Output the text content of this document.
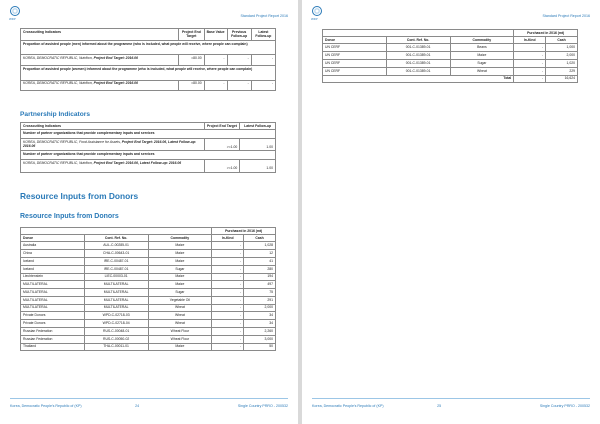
WFP
Standard Project Report 2016
Crosscutting Indicators	Project End Target	Base Value	Previous Follow-up	Latest Follow-up
Proportion of assisted people (men) informed about the programme (who is included, what people will receive, where people can complain)				
KOREA, DEMOCRATIC REPUBLIC, Nutrition, Project End Target: 2016.06	=80.00	-	-	-
Proportion of assisted people (women) informed about the programme (who is included, what people will receive, where people can complain)				
KOREA, DEMOCRATIC REPUBLIC, Nutrition, Project End Target: 2016.06	=80.00	-	-	-
Partnership Indicators
Crosscutting Indicators	Project End Target	Latest Follow-up
Number of partner organizations that provide complementary inputs and services		
KOREA, DEMOCRATIC REPUBLIC, Food Assistance for Assets, Project End Target: 2016.06, Latest Follow-up: 2016.06	>=1.00	1.00
Number of partner organizations that provide complementary inputs and services		
KOREA, DEMOCRATIC REPUBLIC, Nutrition, Project End Target: 2016.06, Latest Follow-up: 2016.06	>=1.00	1.00
Resource Inputs from Donors
Resource Inputs from Donors
			Purchased in 2016 (mt)	
Donor	Cont. Ref. No.	Commodity	In-Kind	Cash
Australia	AUL-C-00285-01	Maize	-	1,028
China	CHA-C-00643-01	Maize	-	12
Iceland	IRE-C-00487-01	Maize	-	41
Iceland	IRE-C-00487-01	Sugar	-	280
Liechtenstein	LIEC-00003-01	Maize	-	194
MULTILATERAL	MULTILATERAL	Maize	-	497
MULTILATERAL	MULTILATERAL	Sugar	-	75
MULTILATERAL	MULTILATERAL	Vegetable Oil	-	291
MULTILATERAL	MULTILATERAL	Wheat	-	2,000
Private Donors	WPD-C-02718-03	Wheat	-	34
Private Donors	WPD-C-02718-04	Wheat	-	34
Russian Federation	RUS-C-00048-01	Wheat Flour	-	2,260
Russian Federation	RUS-C-00050-02	Wheat Flour	-	3,000
Thailand	THA-C-00011-01	Maize	-	50
Korea, Democratic People's Republic of (KP)	24	Single Country PRRO - 200532
WFP
Standard Project Report 2016
			Purchased in 2016 (mt)	
Donor	Cont. Ref. No.	Commodity	In-Kind	Cash
UN CERF	001-C-01389-01	Beans	-	1,000
UN CERF	001-C-01389-01	Maize	-	2,000
UN CERF	001-C-01389-01	Sugar	-	1,020
UN CERF	001-C-01389-01	Wheat	-	229
		Total	-	16,624
Korea, Democratic People's Republic of (KP)	25	Single Country PRRO - 200532
